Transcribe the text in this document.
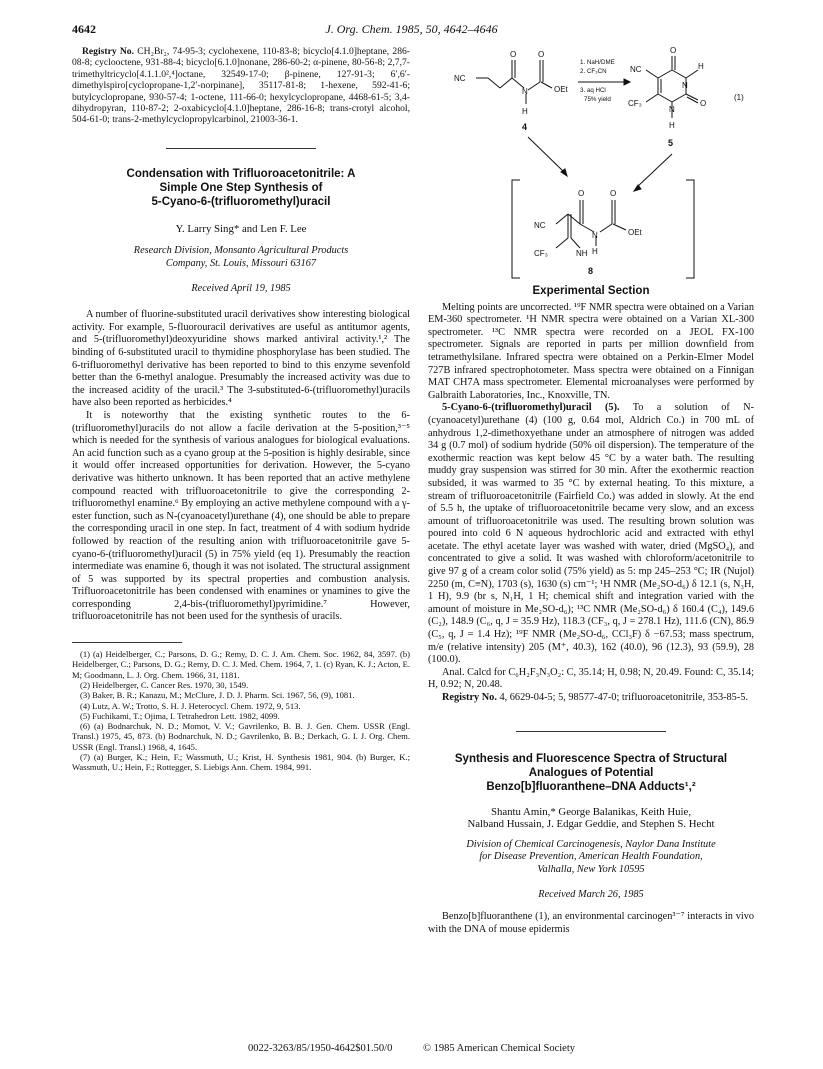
4642	J. Org. Chem. 1985, 50, 4642–4646

Registry No. CH₂Br₂, 74-95-3; cyclohexene, 110-83-8; bicyclo[4.1.0]heptane, 286-08-8; cyclooctene, 931-88-4; bicyclo[6.1.0]nonane, 286-60-2; α-pinene, 80-56-8; 2,7,7-trimethyltricyclo[4.1.1.0²,⁴]octane, 32549-17-0; β-pinene, 127-91-3; 6′,6′-dimethylspiro[cyclopropane-1,2′-norpinane], 35117-81-8; 1-hexene, 592-41-6; butylcyclopropane, 930-57-4; 1-octene, 111-66-0; hexylcyclopropane, 4468-61-5; 3,4-dihydropyran, 110-87-2; 2-oxabicyclo[4.1.0]heptane, 286-16-8; trans-crotyl alcohol, 504-61-0; trans-2-methylcyclopropylcarbinol, 21003-36-1.

Condensation with Trifluoroacetonitrile: A

Simple One Step Synthesis of

5-Cyano-6-(trifluoromethyl)uracil

Y. Larry Sing* and Len F. Lee

Research Division, Monsanto Agricultural Products

Company, St. Louis, Missouri 63167

Received April 19, 1985

A number of fluorine-substituted uracil derivatives show interesting biological activity. For example, 5-fluorouracil derivatives are useful as antitumor agents, and 5-(trifluoromethyl)deoxyuridine shows marked antiviral activity.¹,² The binding of 6-substituted uracil to thymidine phosphorylase has been studied. The 6-trifluoromethyl derivative has been reported to bind to this enzyme sevenfold better than the 6-methyl analogue. Presumably the increased activity was due to the increased acidity of the uracil.³ The 3-substituted-6-(trifluoromethyl)uracils have also been reported as herbicides.⁴

It is noteworthy that the existing synthetic routes to the 6-(trifluoromethyl)uracils do not allow a facile derivation at the 5-position,³⁻⁵ which is needed for the synthesis of various analogues for biological evaluations. An acid function such as a cyano group at the 5-position is highly desirable, since it would offer increased opportunities for derivation. However, the 5-cyano derivative was hitherto unknown. It has been reported that an active methylene compound reacted with trifluoroacetonitrile to give the corresponding 2-trifluoromethyl enamine.⁶ By employing an active methylene compound with a γ-ester function, such as N-(cyanoacetyl)urethane (4), one should be able to prepare the corresponding uracil in one step. In fact, treatment of 4 with sodium hydride followed by reaction of the resulting anion with trifluoroacetonitrile gave 5-cyano-6-(trifluoromethyl)uracil (5) in 75% yield (eq 1). Presumably the reaction intermediate was enamine 6, though it was not isolated. The structural assignment of 5 was supported by its spectral properties and combustion analysis. Trifluoroacetonitrile has been condensed with enamines or ynamines to give the corresponding 2,4-bis-(trifluoromethyl)pyrimidine.⁷ However, trifluoroacetonitrile has not been used for the synthesis of uracils.

(1) (a) Heidelberger, C.; Parsons, D. G.; Remy, D. C. J. Am. Chem. Soc. 1962, 84, 3597. (b) Heidelberger, C.; Parsons, D. G.; Remy, D. C. J. Med. Chem. 1964, 7, 1. (c) Ryan, K. J.; Acton, E. M; Goodmann, L. J. Org. Chem. 1966, 31, 1181.

(2) Heidelberger, C. Cancer Res. 1970, 30, 1549.

(3) Baker, B. R.; Kanazu, M.; McClure, J. D. J. Pharm. Sci. 1967, 56, (9), 1081.

(4) Lutz, A. W.; Trotto, S. H. J. Heterocycl. Chem. 1972, 9, 513.

(5) Fuchikami, T.; Ojima, I. Tetrahedron Lett. 1982, 4099.

(6) (a) Bodnarchuk, N. D.; Momot, V. V.; Gavrilenko, B. B. J. Gen. Chem. USSR (Engl. Transl.) 1975, 45, 873. (b) Bodnarchuk, N. D.; Gavrilenko, B. B.; Derkach, G. I. J. Org. Chem. USSR (Engl. Transl.) 1968, 4, 1645.

(7) (a) Burger, K.; Hein, F.; Wassmuth, U.; Krist, H. Synthesis 1981, 904. (b) Burger, K.; Wassmuth, U.; Hein, F.; Rottegger, S. Liebigs Ann. Chem. 1984, 991.

NC
O	O
N	OEt
H
4
1. NaH/DME
2. CF₃CN
3. aq HCl
75% yield
NC
O
H
N
O
CF₃
N
H
5
(1)
NC
O	O
N	OEt
H
CF₃	NH
8

Experimental Section

Melting points are uncorrected. ¹⁹F NMR spectra were obtained on a Varian EM-360 spectrometer. ¹H NMR spectra were obtained on a Varian XL-300 spectrometer. ¹³C NMR spectra were recorded on a JEOL FX-100 spectrometer. Signals are reported in parts per million downfield from tetramethylsilane. Infrared spectra were obtained on a Perkin-Elmer Model 727B infrared spectrophotometer. Mass spectra were obtained on a Finnigan MAT CH7A mass spectrometer. Elemental microanalyses were performed by Galbraith Laboratories, Inc., Knoxville, TN.

5-Cyano-6-(trifluoromethyl)uracil (5). To a solution of N-(cyanoacetyl)urethane (4) (100 g, 0.64 mol, Aldrich Co.) in 700 mL of anhydrous 1,2-dimethoxyethane under an atmosphere of nitrogen was added 34 g (0.7 mol) of sodium hydride (50% oil dispersion). The temperature of the exothermic reaction was kept below 45 °C by a water bath. The resulting muddy gray suspension was stirred for 30 min. After the exothermic reaction subsided, it was warmed to 35 °C by external heating. To this mixture, a stream of trifluoroacetonitrile (Fairfield Co.) was added in slowly. At the end of 5.5 h, the uptake of trifluoroacetonitrile became very slow, and an excess amount of trifluoroacetonitrile was used. The resulting brown solution was poured into cold 6 N aqueous hydrochloric acid and extracted with ethyl acetate. The ethyl acetate layer was washed with water, dried (MgSO₄), and concentrated to give a solid. It was washed with chloroform/acetonitrile to give 97 g of a cream color solid (75% yield) as 5: mp 245–253 °C; IR (Nujol) 2250 (m, C≡N), 1703 (s), 1630 (s) cm⁻¹; ¹H NMR (Me₂SO-d₆) δ 12.1 (s, N₃H, 1 H), 9.9 (br s, N₁H, 1 H; chemical shift and integration varied with the amount of moisture in Me₂SO-d₆); ¹³C NMR (Me₂SO-d₆) δ 160.4 (C₄), 149.6 (C₂), 148.9 (C₆, q, J = 35.9 Hz), 118.3 (CF₃, q, J = 278.1 Hz), 111.6 (CN), 86.9 (C₅, q, J = 1.4 Hz); ¹⁹F NMR (Me₂SO-d₆, CCl₃F) δ −67.53; mass spectrum, m/e (relative intensity) 205 (M⁺, 40.3), 162 (40.0), 96 (12.3), 93 (59.9), 28 (100.0).

Anal. Calcd for C₆H₂F₃N₃O₂: C, 35.14; H, 0.98; N, 20.49. Found: C, 35.14; H, 0.92; N, 20.48.

Registry No. 4, 6629-04-5; 5, 98577-47-0; trifluoroacetonitrile, 353-85-5.

Synthesis and Fluorescence Spectra of Structural

Analogues of Potential

Benzo[b]fluoranthene–DNA Adducts¹,²

Shantu Amin,* George Balanikas, Keith Huie,

Nalband Hussain, J. Edgar Geddie, and Stephen S. Hecht

Division of Chemical Carcinogenesis, Naylor Dana Institute

for Disease Prevention, American Health Foundation,

Valhalla, New York 10595

Received March 26, 1985

Benzo[b]fluoranthene (1), an environmental carcinogen³⁻⁷ interacts in vivo with the DNA of mouse epidermis

0022-3263/85/1950-4642$01.50/0	© 1985 American Chemical Society
